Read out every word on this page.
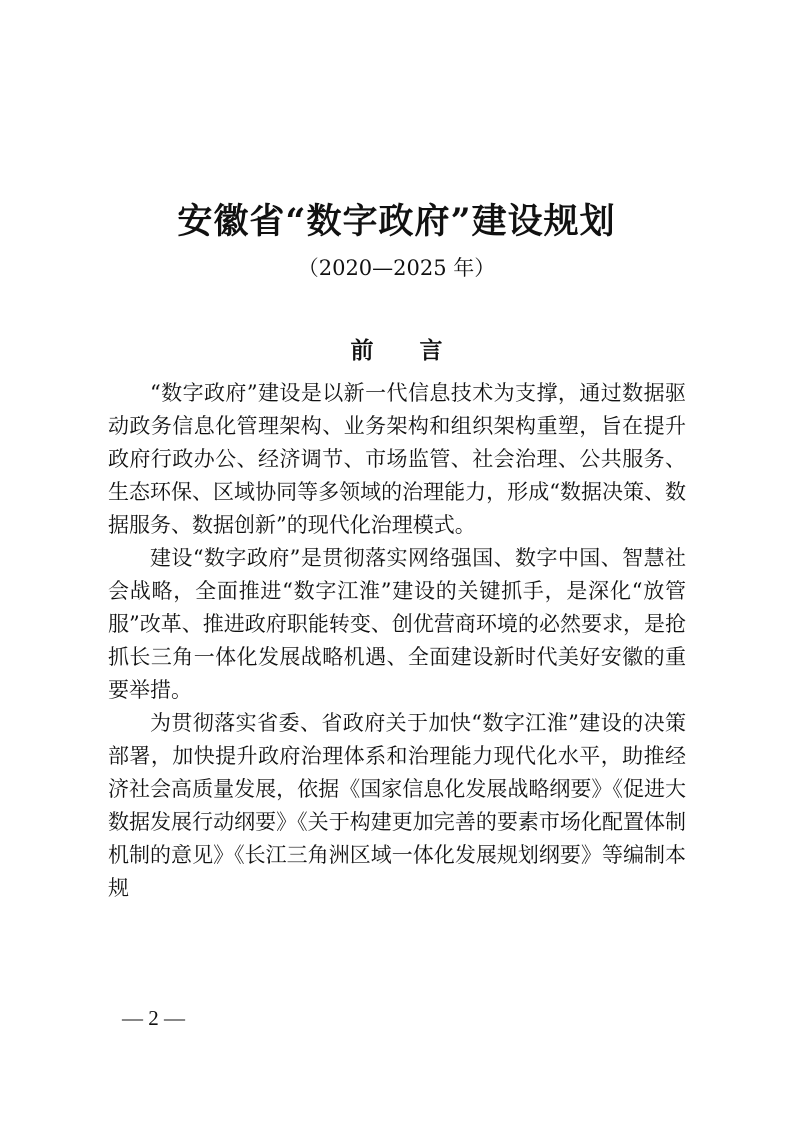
安徽省“数字政府”建设规划
（2020—2025 年）
前 言

“数字政府”建设是以新一代信息技术为支撑，通过数据驱动政务信息化管理架构、业务架构和组织架构重塑，旨在提升政府行政办公、经济调节、市场监管、社会治理、公共服务、生态环保、区域协同等多领域的治理能力，形成“数据决策、数据服务、数据创新”的现代化治理模式。

建设“数字政府”是贯彻落实网络强国、数字中国、智慧社会战略，全面推进“数字江淮”建设的关键抓手，是深化“放管服”改革、推进政府职能转变、创优营商环境的必然要求，是抢抓长三角一体化发展战略机遇、全面建设新时代美好安徽的重要举措。

为贯彻落实省委、省政府关于加快“数字江淮”建设的决策部署，加快提升政府治理体系和治理能力现代化水平，助推经济社会高质量发展，依据《国家信息化发展战略纲要》《促进大数据发展行动纲要》《关于构建更加完善的要素市场化配置体制机制的意见》《长江三角洲区域一体化发展规划纲要》等编制本规

— 2 —
